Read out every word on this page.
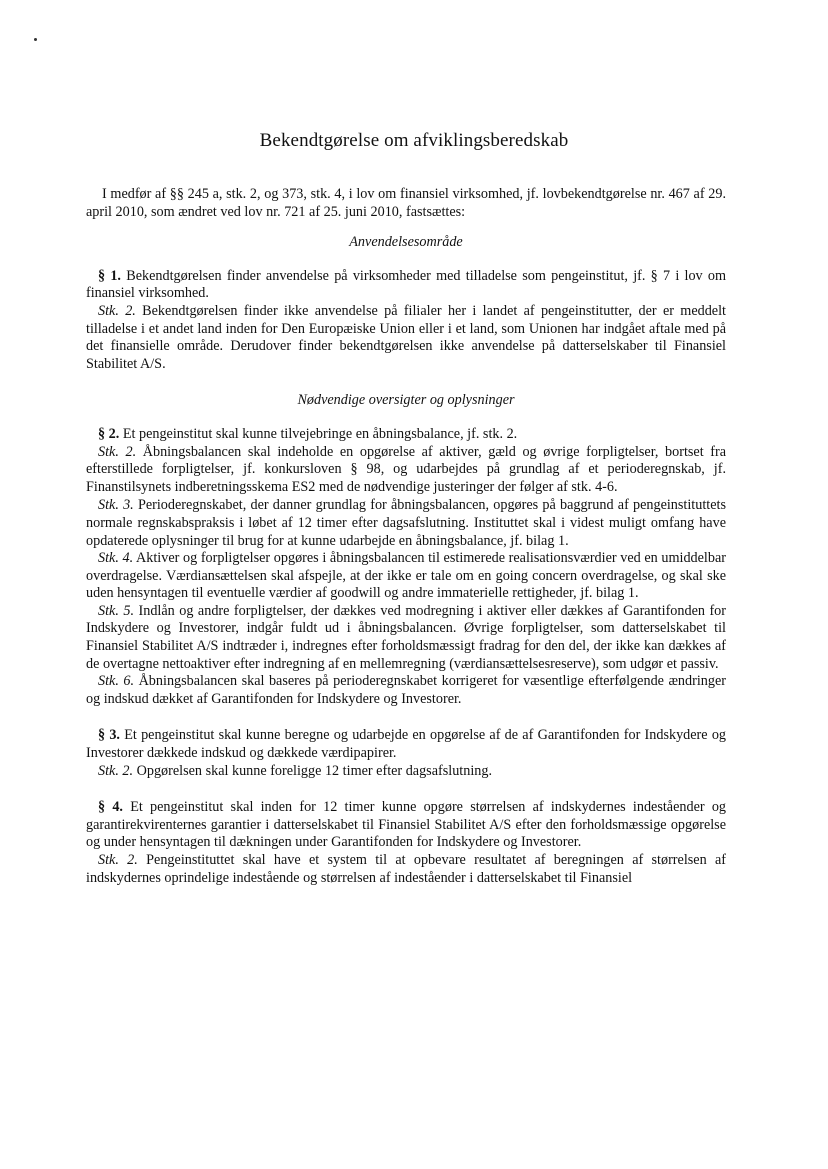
Bekendtgørelse om afviklingsberedskab

I medfør af §§ 245 a, stk. 2, og 373, stk. 4, i lov om finansiel virksomhed, jf. lovbekendtgørelse nr. 467 af 29. april 2010, som ændret ved lov nr. 721 af 25. juni 2010, fastsættes:

Anvendelsesområde

§ 1. Bekendtgørelsen finder anvendelse på virksomheder med tilladelse som pengeinstitut, jf. § 7 i lov om finansiel virksomhed.

Stk. 2. Bekendtgørelsen finder ikke anvendelse på filialer her i landet af pengeinstitutter, der er meddelt tilladelse i et andet land inden for Den Europæiske Union eller i et land, som Unionen har indgået aftale med på det finansielle område. Derudover finder bekendtgørelsen ikke anvendelse på datterselskaber til Finansiel Stabilitet A/S.

Nødvendige oversigter og oplysninger

§ 2. Et pengeinstitut skal kunne tilvejebringe en åbningsbalance, jf. stk. 2.

Stk. 2. Åbningsbalancen skal indeholde en opgørelse af aktiver, gæld og øvrige forpligtelser, bortset fra efterstillede forpligtelser, jf. konkursloven § 98, og udarbejdes på grundlag af et perioderegnskab, jf. Finanstilsynets indberetningsskema ES2 med de nødvendige justeringer der følger af stk. 4-6.

Stk. 3. Perioderegnskabet, der danner grundlag for åbningsbalancen, opgøres på baggrund af pengeinstituttets normale regnskabspraksis i løbet af 12 timer efter dagsafslutning. Instituttet skal i videst muligt omfang have opdaterede oplysninger til brug for at kunne udarbejde en åbningsbalance, jf. bilag 1.

Stk. 4. Aktiver og forpligtelser opgøres i åbningsbalancen til estimerede realisationsværdier ved en umiddelbar overdragelse. Værdiansættelsen skal afspejle, at der ikke er tale om en going concern overdragelse, og skal ske uden hensyntagen til eventuelle værdier af goodwill og andre immaterielle rettigheder, jf. bilag 1.

Stk. 5. Indlån og andre forpligtelser, der dækkes ved modregning i aktiver eller dækkes af Garantifonden for Indskydere og Investorer, indgår fuldt ud i åbningsbalancen. Øvrige forpligtelser, som datterselskabet til Finansiel Stabilitet A/S indtræder i, indregnes efter forholdsmæssigt fradrag for den del, der ikke kan dækkes af de overtagne nettoaktiver efter indregning af en mellemregning (værdiansættelsesreserve), som udgør et passiv.

Stk. 6. Åbningsbalancen skal baseres på perioderegnskabet korrigeret for væsentlige efterfølgende ændringer og indskud dækket af Garantifonden for Indskydere og Investorer.

§ 3. Et pengeinstitut skal kunne beregne og udarbejde en opgørelse af de af Garantifonden for Indskydere og Investorer dækkede indskud og dækkede værdipapirer.

Stk. 2. Opgørelsen skal kunne foreligge 12 timer efter dagsafslutning.

§ 4. Et pengeinstitut skal inden for 12 timer kunne opgøre størrelsen af indskydernes indeståender og garantirekvirenternes garantier i datterselskabet til Finansiel Stabilitet A/S efter den forholdsmæssige opgørelse og under hensyntagen til dækningen under Garantifonden for Indskydere og Investorer.

Stk. 2. Pengeinstituttet skal have et system til at opbevare resultatet af beregningen af størrelsen af indskydernes oprindelige indestående og størrelsen af indeståender i datterselskabet til Finansiel
